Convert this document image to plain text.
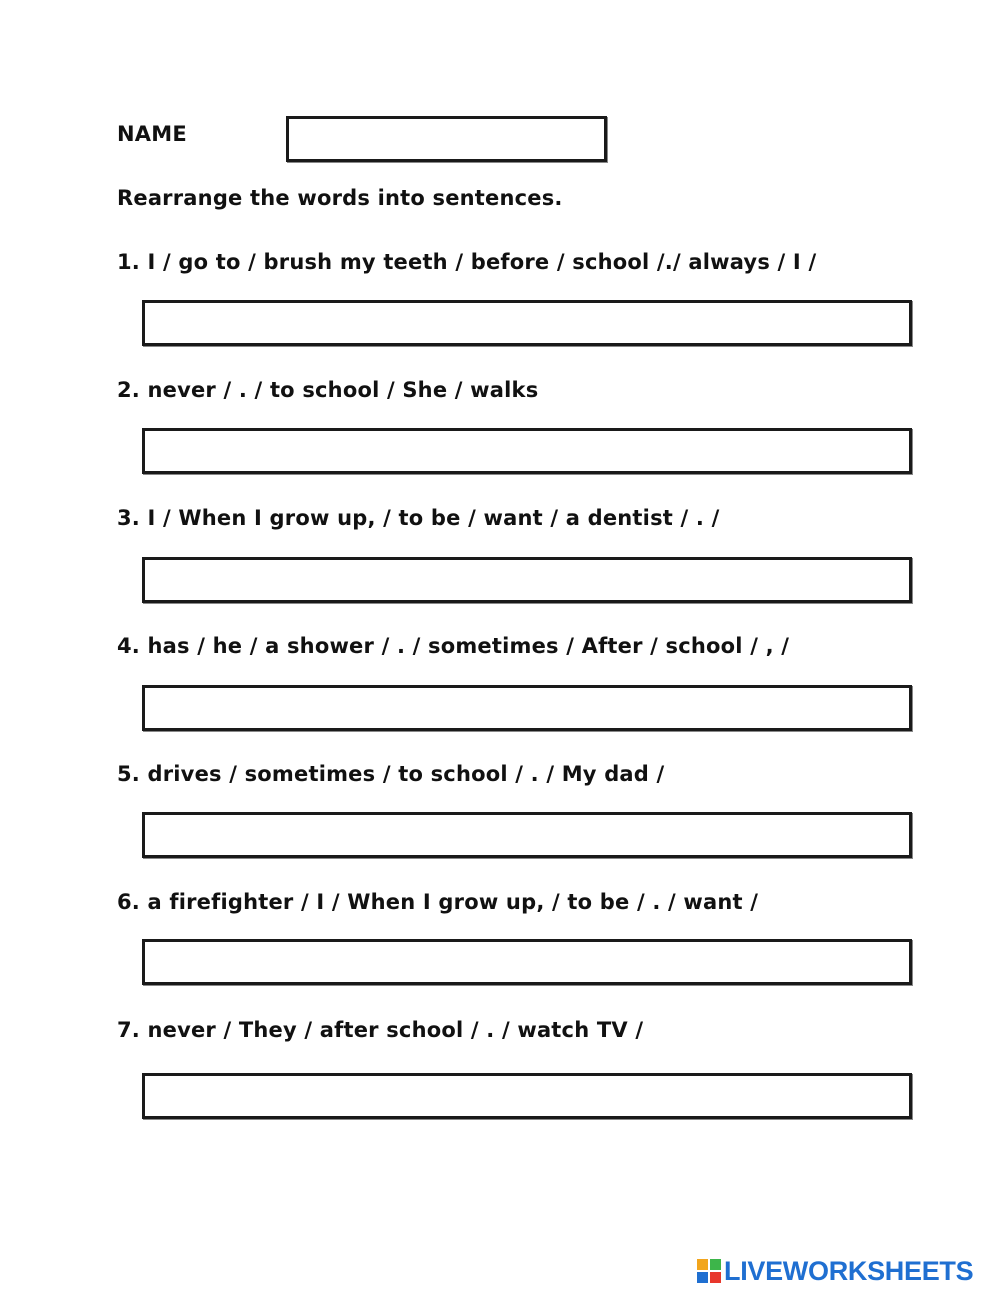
NAME
Rearrange the words into sentences.
1. I / go to / brush my teeth / before / school /./ always / I /
2. never / . / to school / She / walks
3. I / When I grow up, / to be / want / a dentist / . /
4. has / he / a shower / . / sometimes / After / school / , /
5. drives / sometimes / to school / . / My dad /
6. a firefighter / I / When I grow up, / to be / . / want /
7. never / They / after school / . / watch TV /
LIVEWORKSHEETS
